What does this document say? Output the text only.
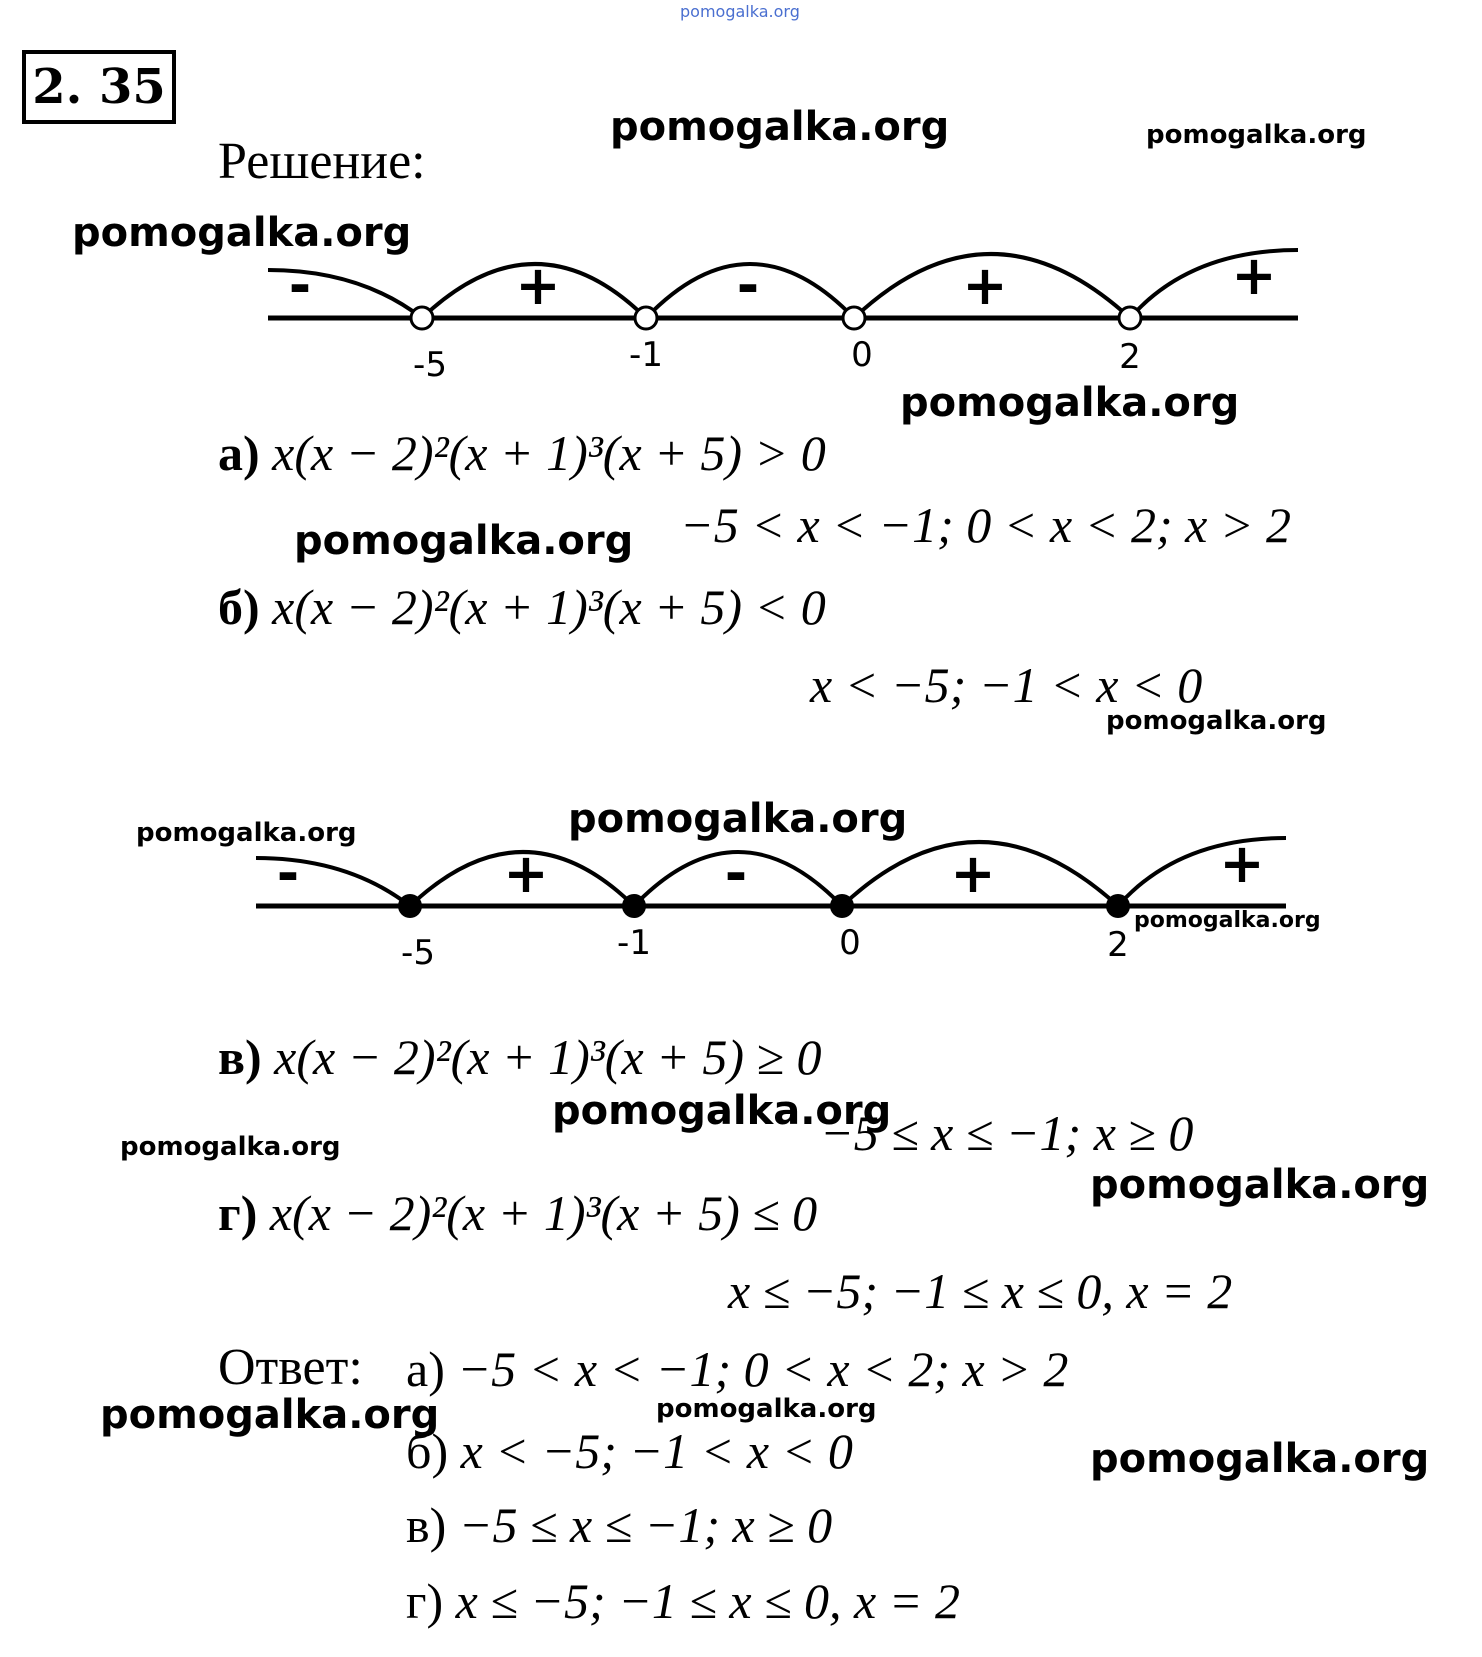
pomogalka.org
pomogalka.org	pomogalka.org
pomogalka.org
pomogalka.org
pomogalka.org
pomogalka.org
pomogalka.org	pomogalka.org
pomogalka.org
pomogalka.org
pomogalka.org
pomogalka.org
pomogalka.org	pomogalka.org
pomogalka.org
2. 35
Решение:
-	+	-	+	+
-5	-1	0	2
а) x(x − 2)²(x + 1)³(x + 5) > 0
−5 < x < −1; 0 < x < 2; x > 2
б) x(x − 2)²(x + 1)³(x + 5) < 0
x < −5; −1 < x < 0
-	+	-	+	+
-5	-1	0	2
в) x(x − 2)²(x + 1)³(x + 5) ≥ 0
−5 ≤ x ≤ −1; x ≥ 0
г) x(x − 2)²(x + 1)³(x + 5) ≤ 0
x ≤ −5; −1 ≤ x ≤ 0, x = 2
Ответ: а) −5 < x < −1; 0 < x < 2; x > 2
б) x < −5; −1 < x < 0
в) −5 ≤ x ≤ −1; x ≥ 0
г) x ≤ −5; −1 ≤ x ≤ 0, x = 2
